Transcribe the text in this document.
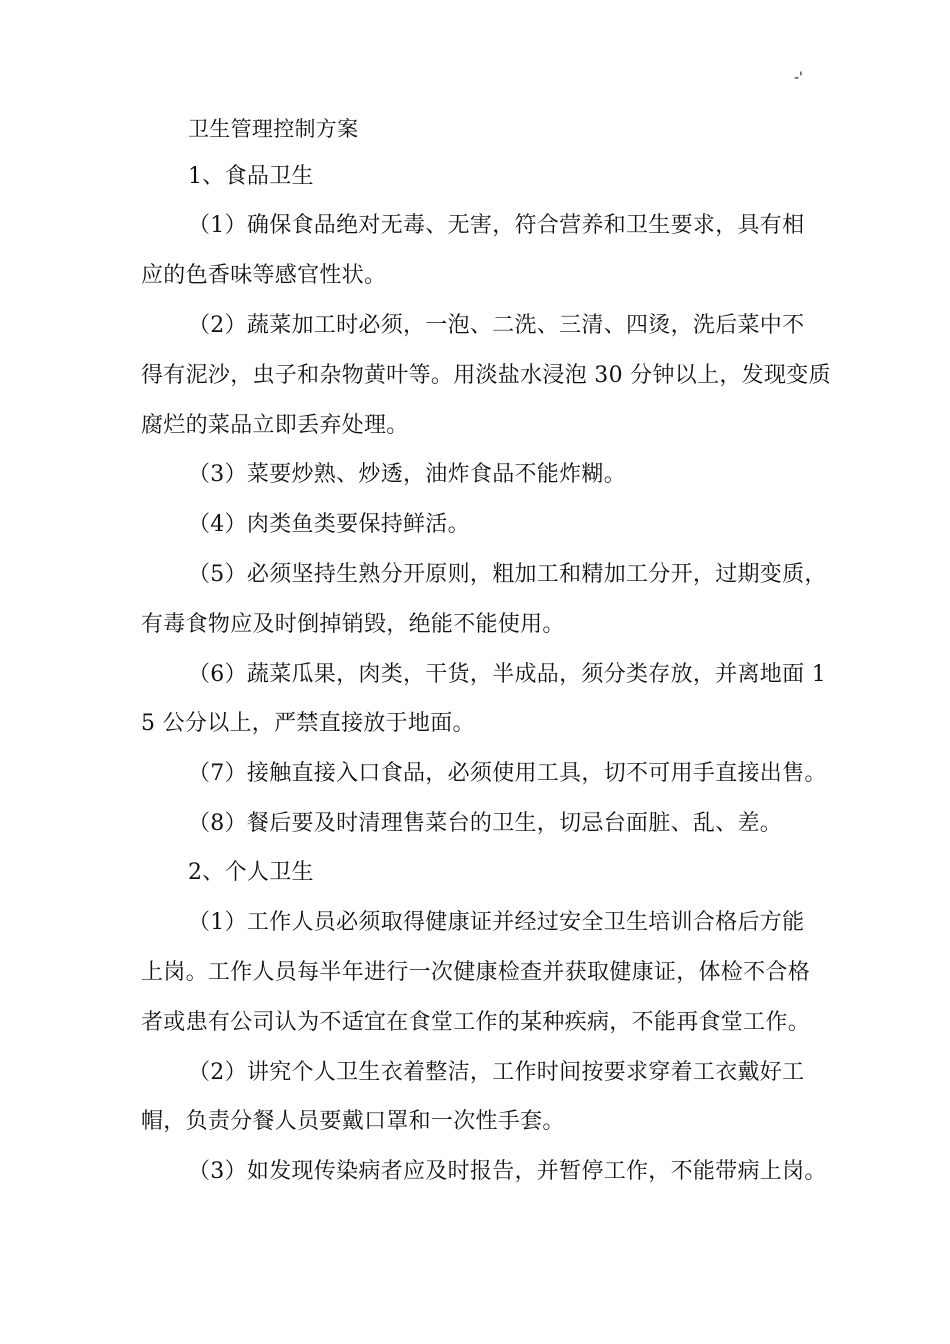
-'
卫生管理控制方案
1、食品卫生
（1）确保食品绝对无毒、无害，符合营养和卫生要求，具有相
应的色香味等感官性状。
（2）蔬菜加工时必须，一泡、二洗、三清、四烫，洗后菜中不
得有泥沙，虫子和杂物黄叶等。用淡盐水浸泡 30 分钟以上，发现变质
腐烂的菜品立即丢弃处理。
（3）菜要炒熟、炒透，油炸食品不能炸糊。
（4）肉类鱼类要保持鲜活。
（5）必须坚持生熟分开原则，粗加工和精加工分开，过期变质，
有毒食物应及时倒掉销毁，绝能不能使用。
（6）蔬菜瓜果，肉类，干货，半成品，须分类存放，并离地面 1
5 公分以上，严禁直接放于地面。
（7）接触直接入口食品，必须使用工具，切不可用手直接出售。
（8）餐后要及时清理售菜台的卫生，切忌台面脏、乱、差。
2、个人卫生
（1）工作人员必须取得健康证并经过安全卫生培训合格后方能
上岗。工作人员每半年进行一次健康检查并获取健康证，体检不合格
者或患有公司认为不适宜在食堂工作的某种疾病，不能再食堂工作。
（2）讲究个人卫生衣着整洁，工作时间按要求穿着工衣戴好工
帽，负责分餐人员要戴口罩和一次性手套。
（3）如发现传染病者应及时报告，并暂停工作，不能带病上岗。
